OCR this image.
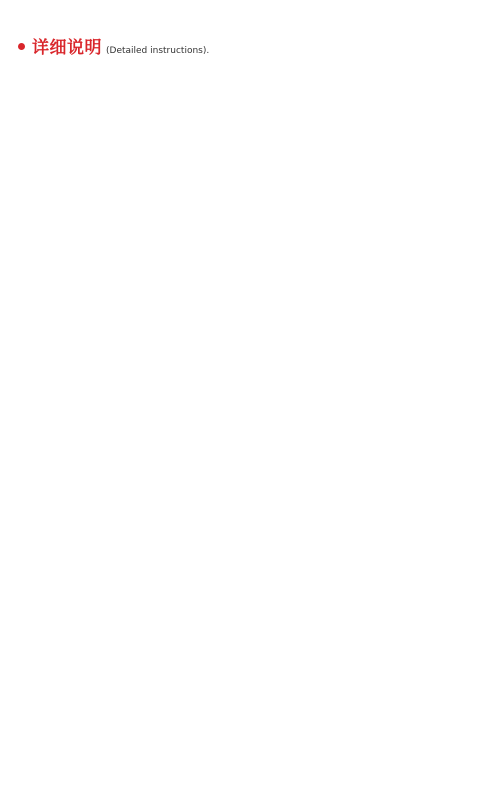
详细说明 (Detailed instructions).
